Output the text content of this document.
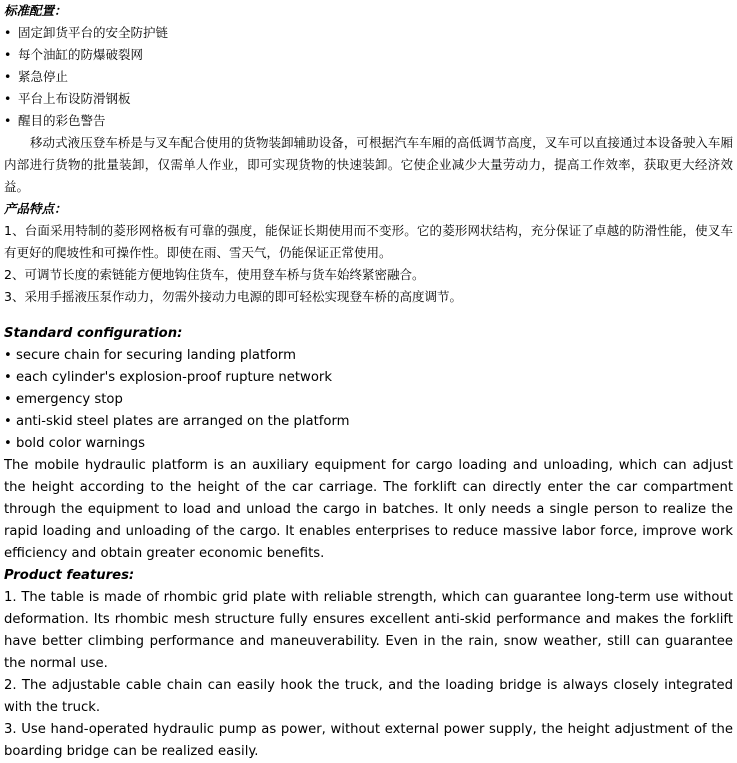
标准配置：
• 固定卸货平台的安全防护链
• 每个油缸的防爆破裂网
• 紧急停止
• 平台上布设防滑钢板
• 醒目的彩色警告
移动式液压登车桥是与叉车配合使用的货物装卸辅助设备，可根据汽车车厢的高低调节高度，叉车可以直接通过本设备驶入车厢内部进行货物的批量装卸，仅需单人作业，即可实现货物的快速装卸。它使企业减少大量劳动力，提高工作效率，获取更大经济效益。
产品特点：
1、台面采用特制的菱形网格板有可靠的强度，能保证长期使用而不变形。它的菱形网状结构，充分保证了卓越的防滑性能，使叉车有更好的爬坡性和可操作性。即使在雨、雪天气，仍能保证正常使用。
2、可调节长度的索链能方便地钩住货车，使用登车桥与货车始终紧密融合。
3、采用手摇液压泵作动力，勿需外接动力电源的即可轻松实现登车桥的高度调节。
Standard configuration:
• secure chain for securing landing platform
• each cylinder's explosion-proof rupture network
• emergency stop
• anti-skid steel plates are arranged on the platform
• bold color warnings
The mobile hydraulic platform is an auxiliary equipment for cargo loading and unloading, which can adjust the height according to the height of the car carriage. The forklift can directly enter the car compartment through the equipment to load and unload the cargo in batches. It only needs a single person to realize the rapid loading and unloading of the cargo. It enables enterprises to reduce massive labor force, improve work efficiency and obtain greater economic benefits.
Product features:
1. The table is made of rhombic grid plate with reliable strength, which can guarantee long-term use without deformation. Its rhombic mesh structure fully ensures excellent anti-skid performance and makes the forklift have better climbing performance and maneuverability. Even in the rain, snow weather, still can guarantee the normal use.
2. The adjustable cable chain can easily hook the truck, and the loading bridge is always closely integrated with the truck.
3. Use hand-operated hydraulic pump as power, without external power supply, the height adjustment of the boarding bridge can be realized easily.
